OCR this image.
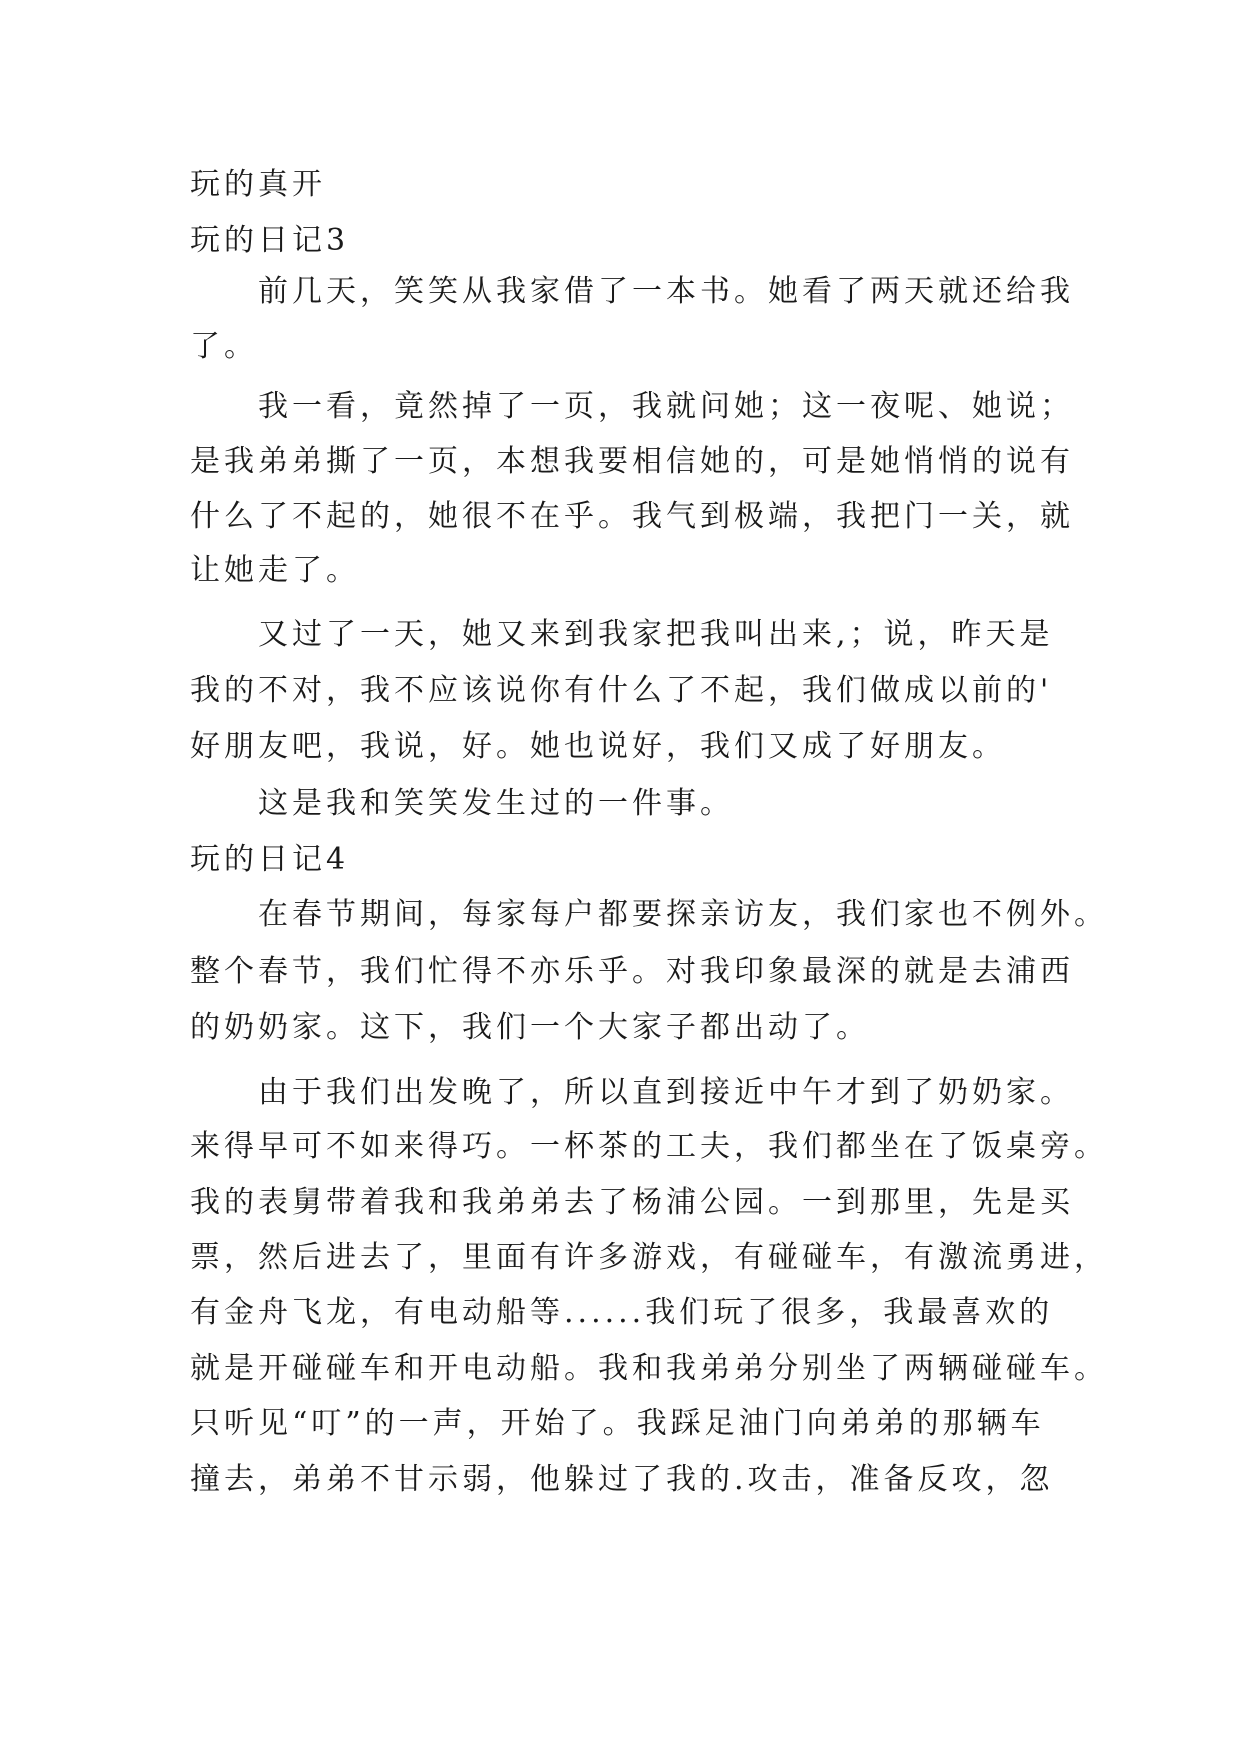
玩的真开

玩的日记3

前几天，笑笑从我家借了一本书。她看了两天就还给我

了。

我一看，竟然掉了一页，我就问她；这一夜呢、她说；

是我弟弟撕了一页，本想我要相信她的，可是她悄悄的说有

什么了不起的，她很不在乎。我气到极端，我把门一关，就

让她走了。

又过了一天，她又来到我家把我叫出来,；说，昨天是

我的不对，我不应该说你有什么了不起，我们做成以前的'

好朋友吧，我说，好。她也说好，我们又成了好朋友。

这是我和笑笑发生过的一件事。

玩的日记4

在春节期间，每家每户都要探亲访友，我们家也不例外。

整个春节，我们忙得不亦乐乎。对我印象最深的就是去浦西

的奶奶家。这下，我们一个大家子都出动了。

由于我们出发晚了，所以直到接近中午才到了奶奶家。

来得早可不如来得巧。一杯茶的工夫，我们都坐在了饭桌旁。

我的表舅带着我和我弟弟去了杨浦公园。一到那里，先是买

票，然后进去了，里面有许多游戏，有碰碰车，有激流勇进，

有金舟飞龙，有电动船等......我们玩了很多，我最喜欢的

就是开碰碰车和开电动船。我和我弟弟分别坐了两辆碰碰车。

只听见“叮”的一声，开始了。我踩足油门向弟弟的那辆车

撞去，弟弟不甘示弱，他躲过了我的.攻击，准备反攻，忽
